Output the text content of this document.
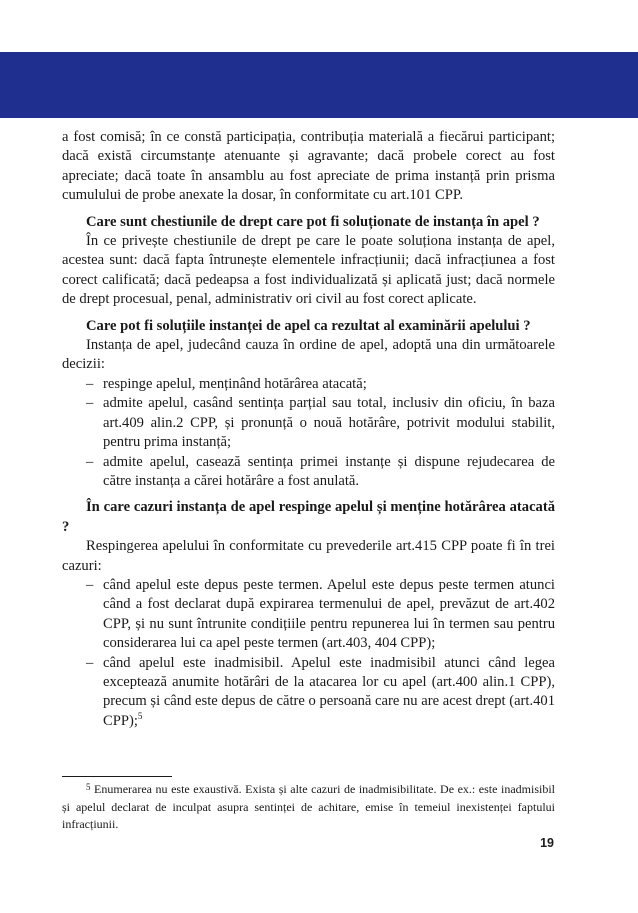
a fost comisă; în ce constă participația, contribuția materială a fiecărui participant; dacă există circumstanțe atenuante și agravante; dacă probele corect au fost apreciate; dacă toate în ansamblu au fost apreciate de prima instanță prin prisma cumulului de probe anexate la dosar, în conformitate cu art.101 CPP.

Care sunt chestiunile de drept care pot fi soluționate de instanța în apel ?

În ce privește chestiunile de drept pe care le poate soluționa instanța de apel, acestea sunt: dacă fapta întrunește elementele infracțiunii; dacă infracțiunea a fost corect calificată; dacă pedeapsa a fost individualizată și aplicată just; dacă normele de drept procesual, penal, administrativ ori civil au fost corect aplicate.

Care pot fi soluțiile instanței de apel ca rezultat al examinării apelului ?

Instanța de apel, judecând cauza în ordine de apel, adoptă una din următoarele decizii:

– respinge apelul, menținând hotărârea atacată;
– admite apelul, casând sentința parțial sau total, inclusiv din oficiu, în baza art.409 alin.2 CPP, și pronunță o nouă hotărâre, potrivit modului stabilit, pentru prima instanță;
– admite apelul, casează sentința primei instanțe și dispune rejudecarea de către instanța a cărei hotărâre a fost anulată.

În care cazuri instanța de apel respinge apelul și menține hotărârea atacată ?

Respingerea apelului în conformitate cu prevederile art.415 CPP poate fi în trei cazuri:

– când apelul este depus peste termen. Apelul este depus peste termen atunci când a fost declarat după expirarea termenului de apel, prevăzut de art.402 CPP, și nu sunt întrunite condițiile pentru repunerea lui în termen sau pentru considerarea lui ca apel peste termen (art.403, 404 CPP);
– când apelul este inadmisibil. Apelul este inadmisibil atunci când legea exceptează anumite hotărâri de la atacarea lor cu apel (art.400 alin.1 CPP), precum și când este depus de către o persoană care nu are acest drept (art.401 CPP);$^5$
$^5$ Enumerarea nu este exaustivă. Exista și alte cazuri de inadmisibilitate. De ex.: este inadmisibil și apelul declarat de inculpat asupra sentinței de achitare, emise în temeiul inexistenței faptului infracțiunii.
19
